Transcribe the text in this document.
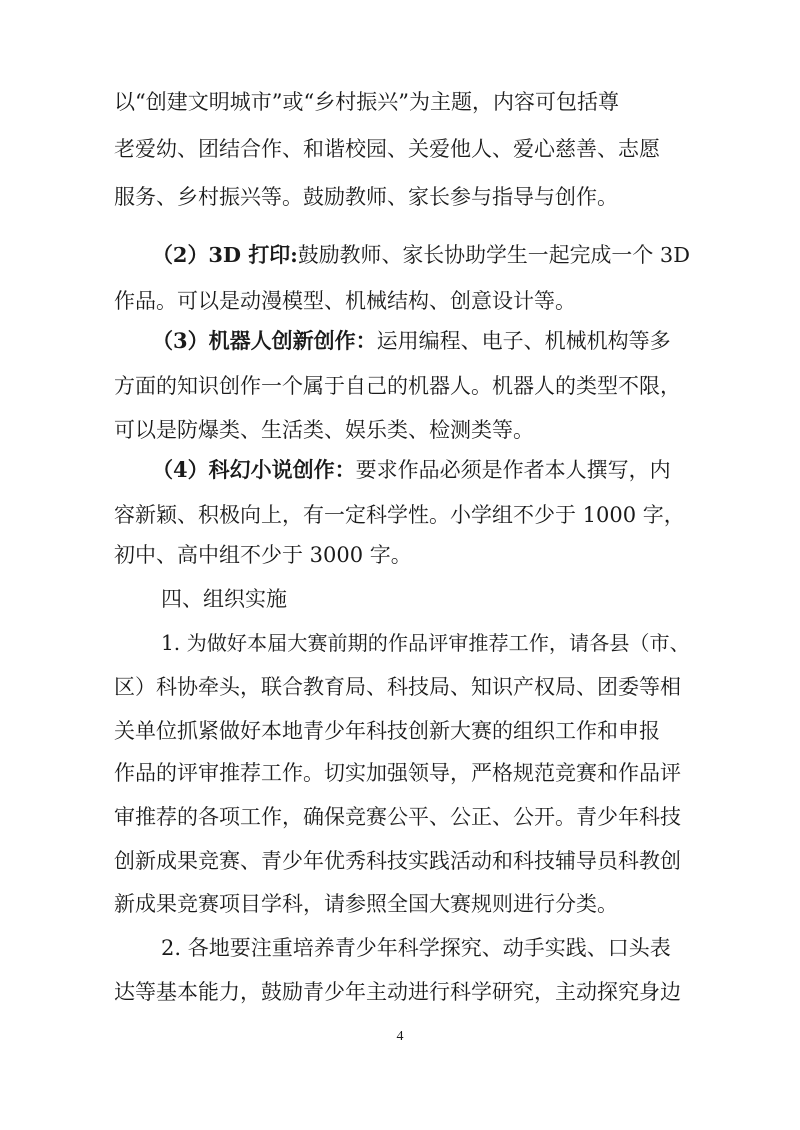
以“创建文明城市”或“乡村振兴”为主题，内容可包括尊
老爱幼、团结合作、和谐校园、关爱他人、爱心慈善、志愿
服务、乡村振兴等。鼓励教师、家长参与指导与创作。
（2）3D 打印:鼓励教师、家长协助学生一起完成一个 3D
作品。可以是动漫模型、机械结构、创意设计等。
（3）机器人创新创作：运用编程、电子、机械机构等多
方面的知识创作一个属于自己的机器人。机器人的类型不限，
可以是防爆类、生活类、娱乐类、检测类等。
（4）科幻小说创作：要求作品必须是作者本人撰写，内
容新颖、积极向上，有一定科学性。小学组不少于 1000 字，
初中、高中组不少于 3000 字。
四、组织实施
1. 为做好本届大赛前期的作品评审推荐工作，请各县（市、
区）科协牵头，联合教育局、科技局、知识产权局、团委等相
关单位抓紧做好本地青少年科技创新大赛的组织工作和申报
作品的评审推荐工作。切实加强领导，严格规范竞赛和作品评
审推荐的各项工作，确保竞赛公平、公正、公开。青少年科技
创新成果竞赛、青少年优秀科技实践活动和科技辅导员科教创
新成果竞赛项目学科，请参照全国大赛规则进行分类。
2. 各地要注重培养青少年科学探究、动手实践、口头表
达等基本能力，鼓励青少年主动进行科学研究，主动探究身边
4
